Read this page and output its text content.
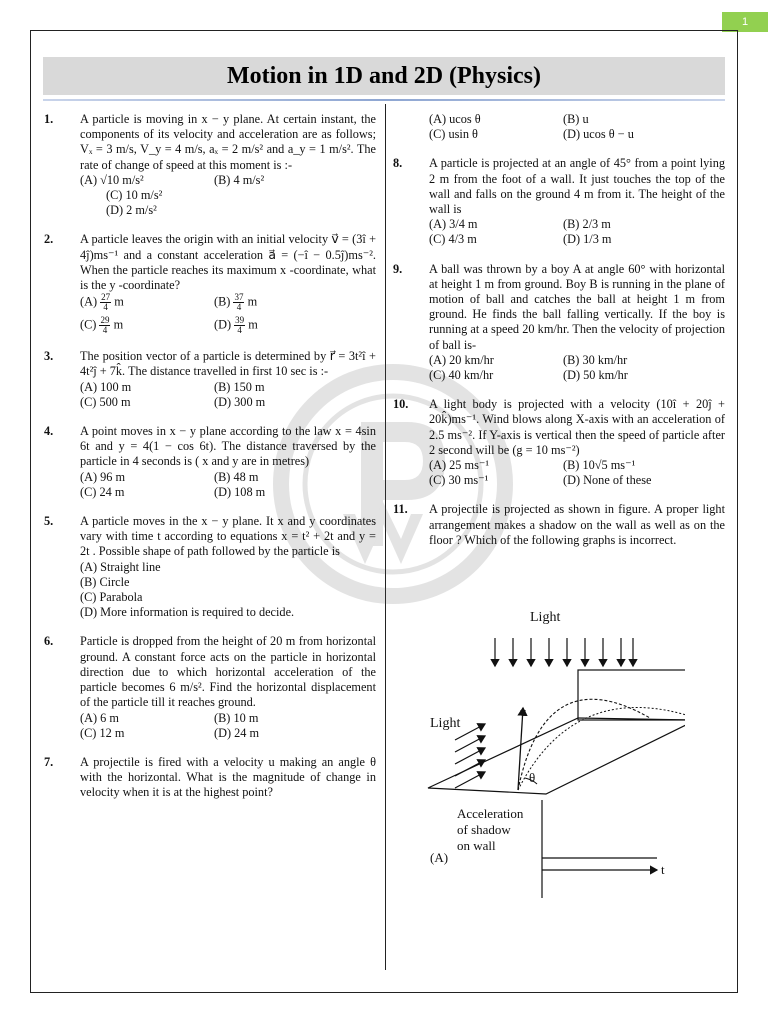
1
Motion in 1D and 2D (Physics)
1. A particle is moving in x − y plane. At certain instant, the components of its velocity and acceleration are as follows; Vₓ = 3 m/s, V_y = 4 m/s, aₓ = 2 m/s² and a_y = 1 m/s². The rate of change of speed at this moment is :-
(A) √10 m/s²	(B) 4 m/s²
(C) 10 m/s²
(D) 2 m/s²
2. A particle leaves the origin with an initial velocity v⃗ = (3î + 4ĵ)ms⁻¹ and a constant acceleration a⃗ = (−î − 0.5ĵ)ms⁻². When the particle reaches its maximum x -coordinate, what is the y -coordinate?
$(A) \frac{27}{4}$ m	$(B) \frac{37}{4}$ m
$(C) \frac{29}{4}$ m	$(D) \frac{39}{4}$ m
3. The position vector of a particle is determined by r⃗ = 3t²î + 4t²ĵ + 7k̂. The distance travelled in first 10 sec is :-
(A) 100 m	(B) 150 m
(C) 500 m	(D) 300 m
4. A point moves in x − y plane according to the law x = 4sin 6t and y = 4(1 − cos 6t). The distance traversed by the particle in 4 seconds is ( x and y are in metres)
(A) 96 m	(B) 48 m
(C) 24 m	(D) 108 m
5. A particle moves in the x − y plane. It x and y coordinates vary with time t according to equations x = t² + 2t and y = 2t . Possible shape of path followed by the particle is
(A) Straight line
(B) Circle
(C) Parabola
(D) More information is required to decide.
6. Particle is dropped from the height of 20 m from horizontal ground. A constant force acts on the particle in horizontal direction due to which horizontal acceleration of the particle becomes 6 m/s². Find the horizontal displacement of the particle till it reaches ground.
(A) 6 m	(B) 10 m
(C) 12 m	(D) 24 m
7. A projectile is fired with a velocity u making an angle θ with the horizontal. What is the magnitude of change in velocity when it is at the highest point?
(A) ucos θ	(B) u
(C) usin θ	(D) ucos θ − u
8. A particle is projected at an angle of 45° from a point lying 2 m from the foot of a wall. It just touches the top of the wall and falls on the ground 4 m from it. The height of the wall is
(A) 3/4 m	(B) 2/3 m
(C) 4/3 m	(D) 1/3 m
9. A ball was thrown by a boy A at angle 60° with horizontal at height 1 m from ground. Boy B is running in the plane of motion of ball and catches the ball at height 1 m from ground. He finds the ball falling vertically. If the boy is running at a speed 20 km/hr. Then the velocity of projection of ball is-
(A) 20 km/hr	(B) 30 km/hr
(C) 40 km/hr	(D) 50 km/hr
10. A light body is projected with a velocity (10î + 20ĵ + 20k̂)ms⁻¹. Wind blows along X-axis with an acceleration of 2.5 ms⁻². If Y-axis is vertical then the speed of particle after 2 second will be (g = 10 ms⁻²)
(A) 25 ms⁻¹	(B) 10√5 ms⁻¹
(C) 30 ms⁻¹	(D) None of these
11. A projectile is projected as shown in figure. A proper light arrangement makes a shadow on the wall as well as on the floor ? Which of the following graphs is incorrect.
Light
Light
u
θ
Acceleration
of shadow
on wall
(A)
t
